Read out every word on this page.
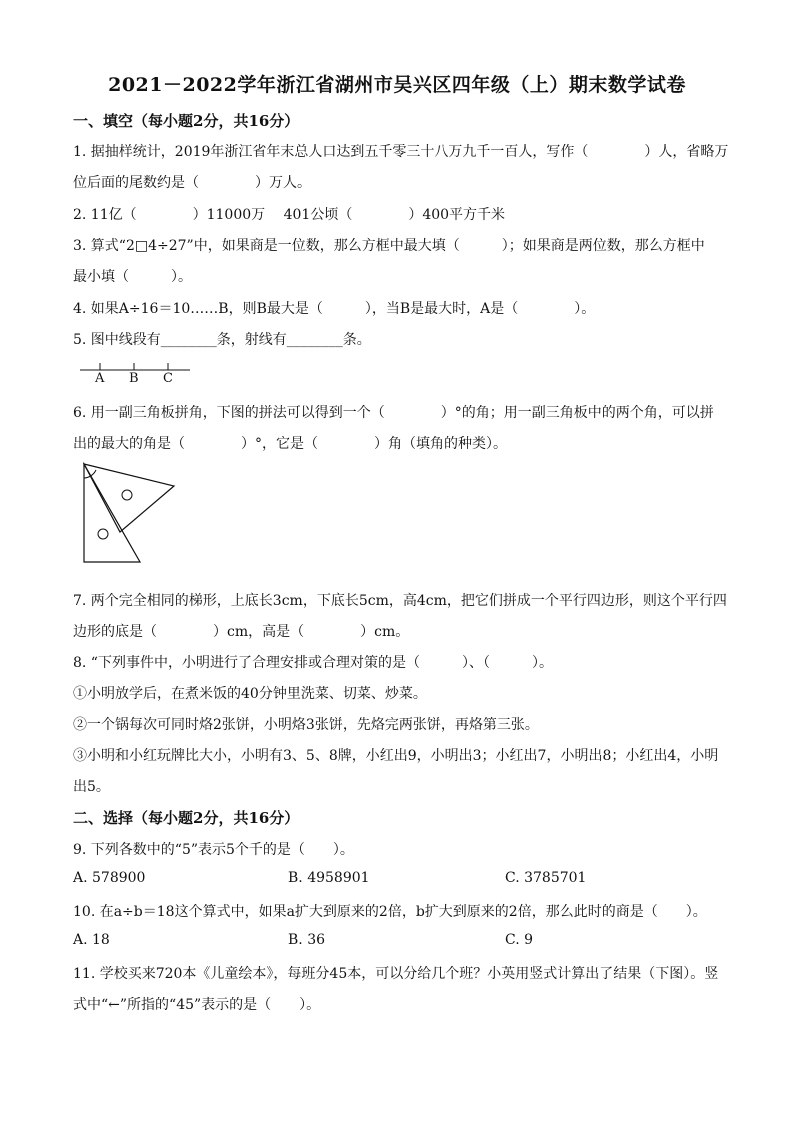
2021－2022学年浙江省湖州市吴兴区四年级（上）期末数学试卷
一、填空（每小题2分，共16分）
1. 据抽样统计，2019年浙江省年末总人口达到五千零三十八万九千一百人，写作（　　　　）人，省略万
位后面的尾数约是（　　　　）万人。
2. 11亿（　　　　）11000万　 401公顷（　　　　）400平方千米
3. 算式“2□4÷27”中，如果商是一位数，那么方框中最大填（　　　）；如果商是两位数，那么方框中
最小填（　　　）。
4. 如果A÷16＝10……B，则B最大是（　　　），当B是最大时，A是（　　　　）。
5. 图中线段有________条，射线有________条。
A B C
6. 用一副三角板拼角，下图的拼法可以得到一个（　　　　）°的角；用一副三角板中的两个角，可以拼
出的最大的角是（　　　　）°，它是（　　　　）角（填角的种类）。
7. 两个完全相同的梯形，上底长3cm，下底长5cm，高4cm，把它们拼成一个平行四边形，则这个平行四
边形的底是（　　　　）cm，高是（　　　　）cm。
8. “下列事件中，小明进行了合理安排或合理对策的是（　　　）、（　　　）。
①小明放学后，在煮米饭的40分钟里洗菜、切菜、炒菜。
②一个锅每次可同时烙2张饼，小明烙3张饼，先烙完两张饼，再烙第三张。
③小明和小红玩牌比大小，小明有3、5、8牌，小红出9，小明出3；小红出7，小明出8；小红出4，小明
出5。
二、选择（每小题2分，共16分）
9. 下列各数中的“5”表示5个千的是（　　）。
A. 578900	B. 4958901	C. 3785701
10. 在a÷b＝18这个算式中，如果a扩大到原来的2倍，b扩大到原来的2倍，那么此时的商是（　　）。
A. 18	B. 36	C. 9
11. 学校买来720本《儿童绘本》，每班分45本，可以分给几个班？小英用竖式计算出了结果（下图）。竖
式中“←”所指的“45”表示的是（　　）。
